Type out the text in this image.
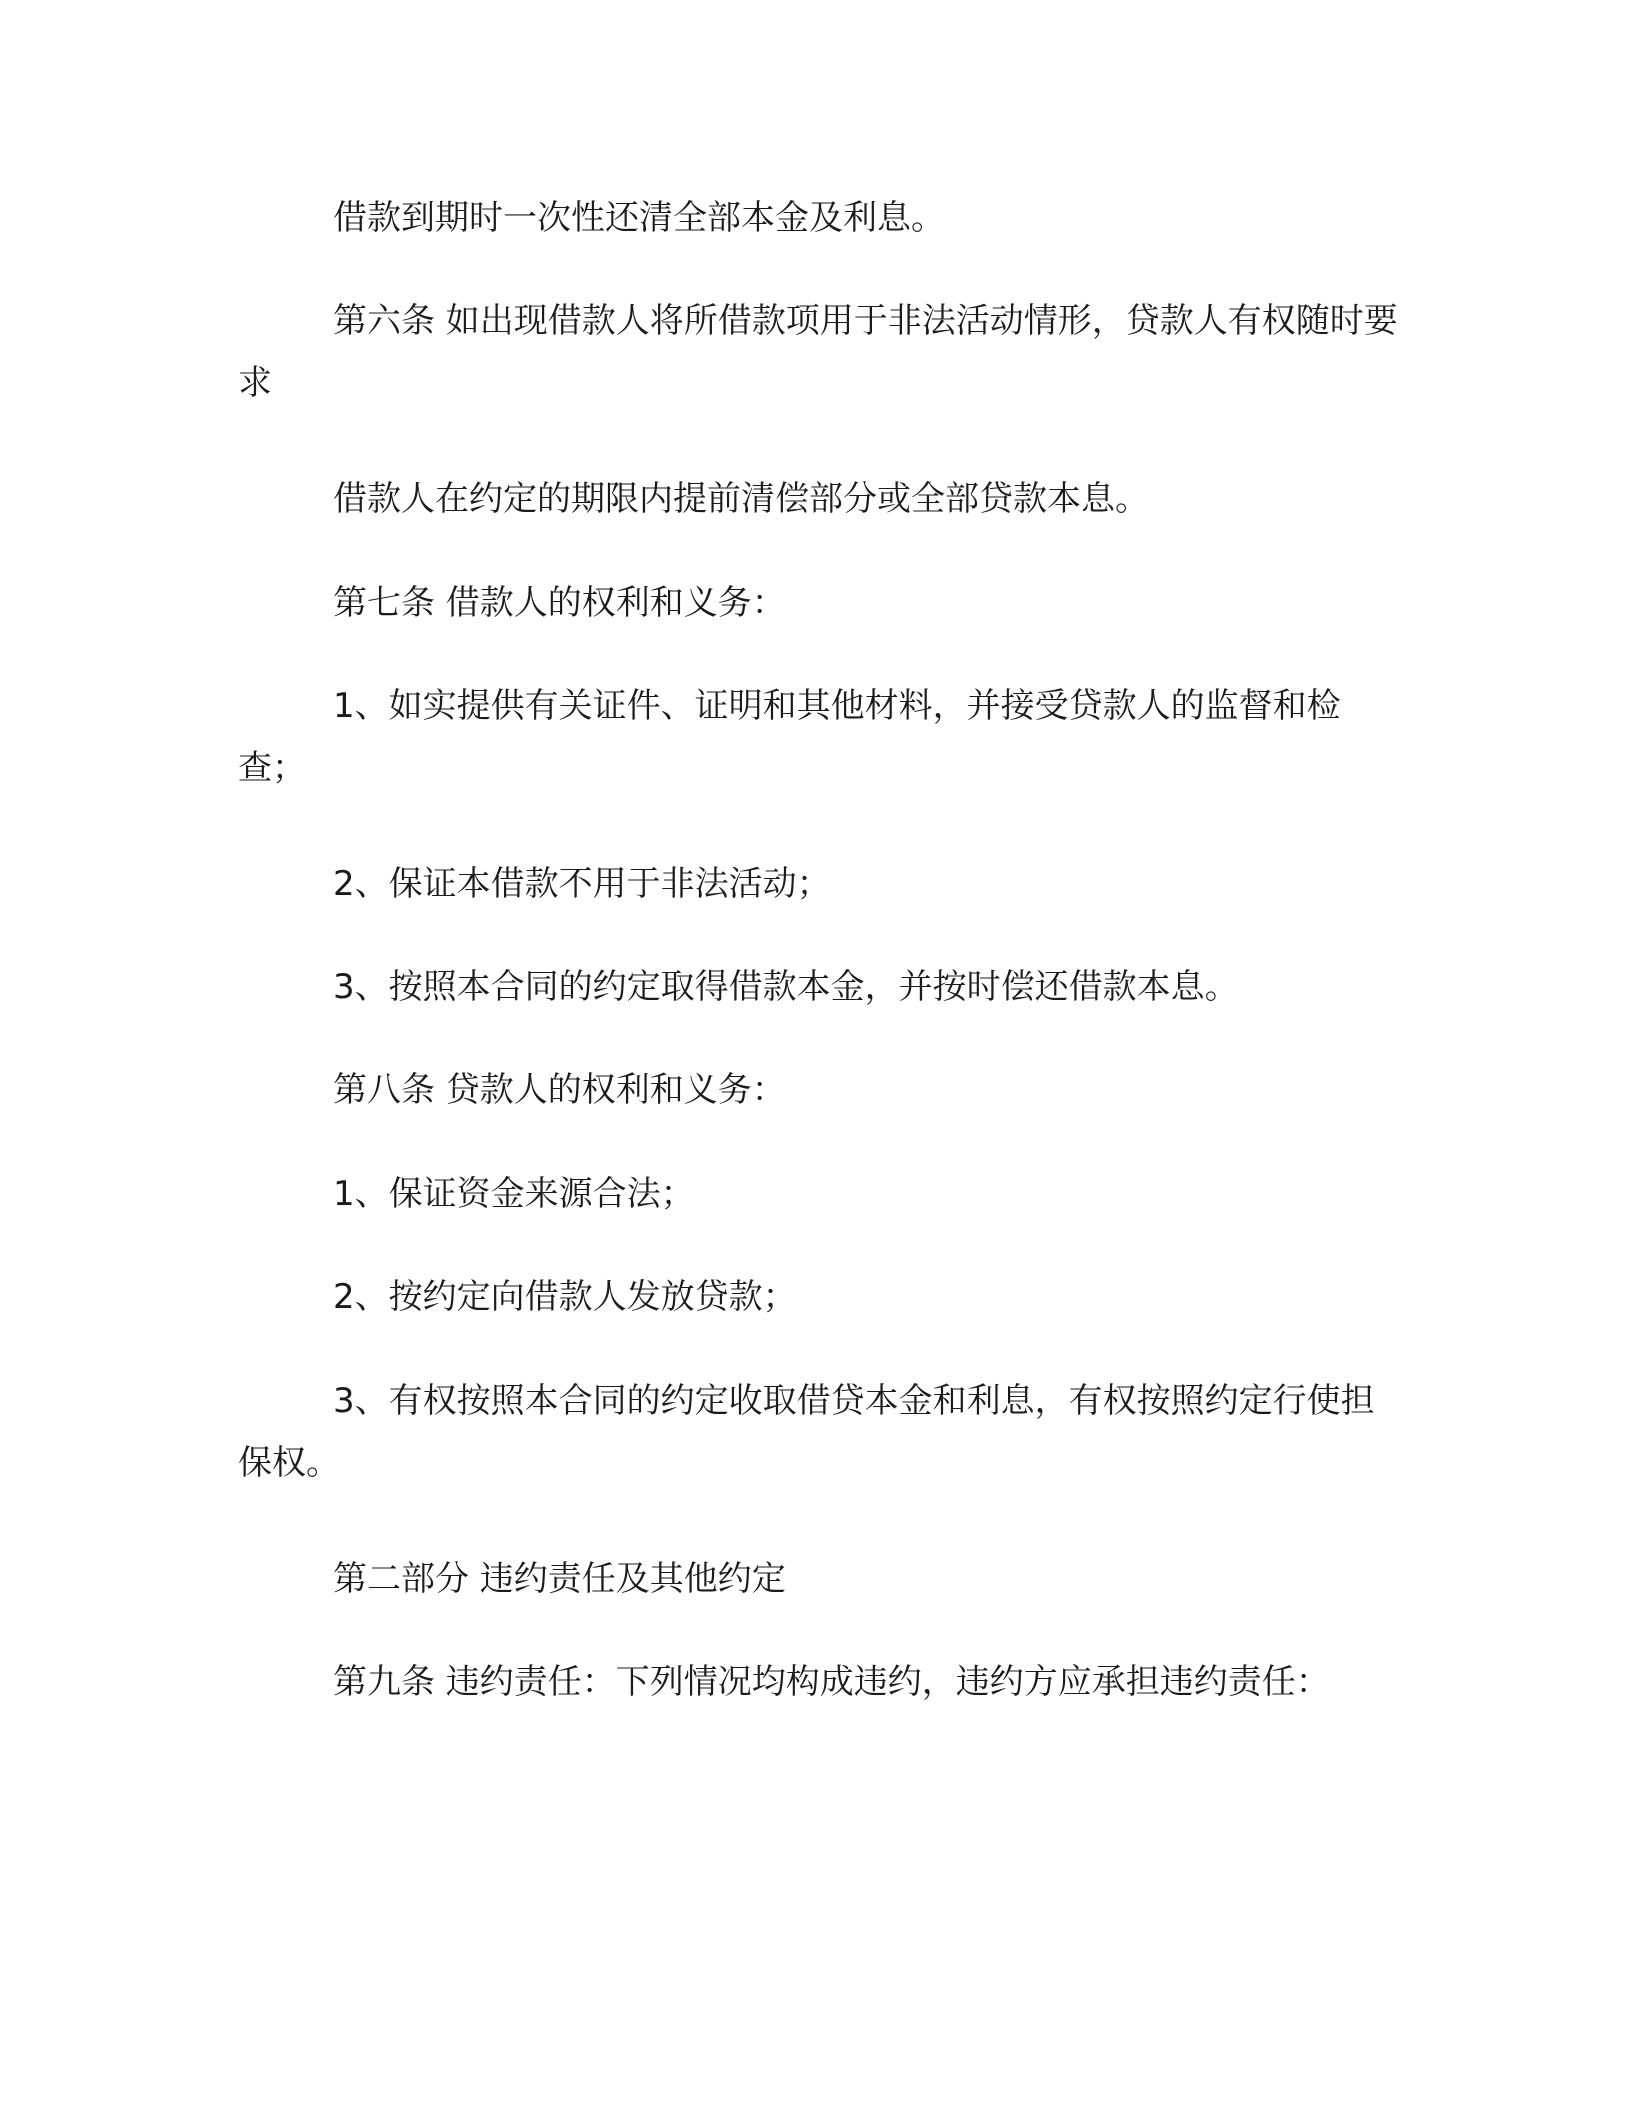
借款到期时一次性还清全部本金及利息。

第六条 如出现借款人将所借款项用于非法活动情形，贷款人有权随时要求

借款人在约定的期限内提前清偿部分或全部贷款本息。

第七条 借款人的权利和义务：

1、如实提供有关证件、证明和其他材料，并接受贷款人的监督和检查；

2、保证本借款不用于非法活动；

3、按照本合同的约定取得借款本金，并按时偿还借款本息。

第八条 贷款人的权利和义务：

1、保证资金来源合法；

2、按约定向借款人发放贷款；

3、有权按照本合同的约定收取借贷本金和利息，有权按照约定行使担保权。

第二部分 违约责任及其他约定

第九条 违约责任：下列情况均构成违约，违约方应承担违约责任：
